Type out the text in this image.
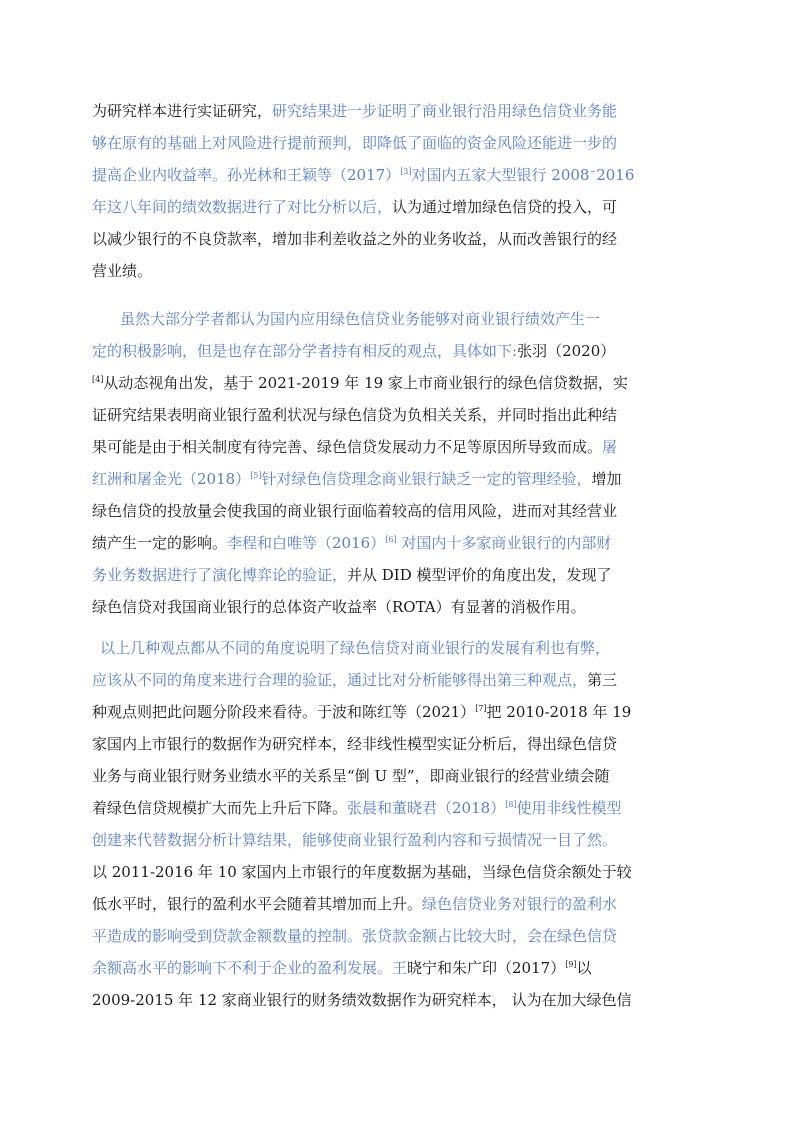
为研究样本进行实证研究，研究结果进一步证明了商业银行沿用绿色信贷业务能
够在原有的基础上对风险进行提前预判，即降低了面临的资金风险还能进一步的
提高企业内收益率。孙光林和王颖等（2017）[3]对国内五家大型银行 2008~2016
年这八年间的绩效数据进行了对比分析以后，认为通过增加绿色信贷的投入，可
以减少银行的不良贷款率，增加非利差收益之外的业务收益，从而改善银行的经
营业绩。
虽然大部分学者都认为国内应用绿色信贷业务能够对商业银行绩效产生一
定的积极影响，但是也存在部分学者持有相反的观点，具体如下:张羽（2020）
[4]从动态视角出发，基于 2021-2019 年 19 家上市商业银行的绿色信贷数据，实
证研究结果表明商业银行盈利状况与绿色信贷为负相关关系，并同时指出此种结
果可能是由于相关制度有待完善、绿色信贷发展动力不足等原因所导致而成。屠
红洲和屠金光（2018）[5]针对绿色信贷理念商业银行缺乏一定的管理经验，增加
绿色信贷的投放量会使我国的商业银行面临着较高的信用风险，进而对其经营业
绩产生一定的影响。李程和白唯等（2016）[6] 对国内十多家商业银行的内部财
务业务数据进行了演化博弈论的验证，并从 DID 模型评价的角度出发，发现了
绿色信贷对我国商业银行的总体资产收益率（ROTA）有显著的消极作用。
以上几种观点都从不同的角度说明了绿色信贷对商业银行的发展有利也有弊，
应该从不同的角度来进行合理的验证，通过比对分析能够得出第三种观点，第三
种观点则把此问题分阶段来看待。于波和陈红等（2021）[7]把 2010-2018 年 19
家国内上市银行的数据作为研究样本，经非线性模型实证分析后，得出绿色信贷
业务与商业银行财务业绩水平的关系呈“倒 U 型”，即商业银行的经营业绩会随
着绿色信贷规模扩大而先上升后下降。张晨和董晓君（2018）[8]使用非线性模型
创建来代替数据分析计算结果，能够使商业银行盈利内容和亏损情况一目了然。
以 2011-2016 年 10 家国内上市银行的年度数据为基础，当绿色信贷余额处于较
低水平时，银行的盈利水平会随着其增加而上升。绿色信贷业务对银行的盈利水
平造成的影响受到贷款金额数量的控制。张贷款金额占比较大时，会在绿色信贷
余额高水平的影响下不利于企业的盈利发展。王晓宁和朱广印（2017）[9]以
2009-2015 年 12 家商业银行的财务绩效数据作为研究样本， 认为在加大绿色信
